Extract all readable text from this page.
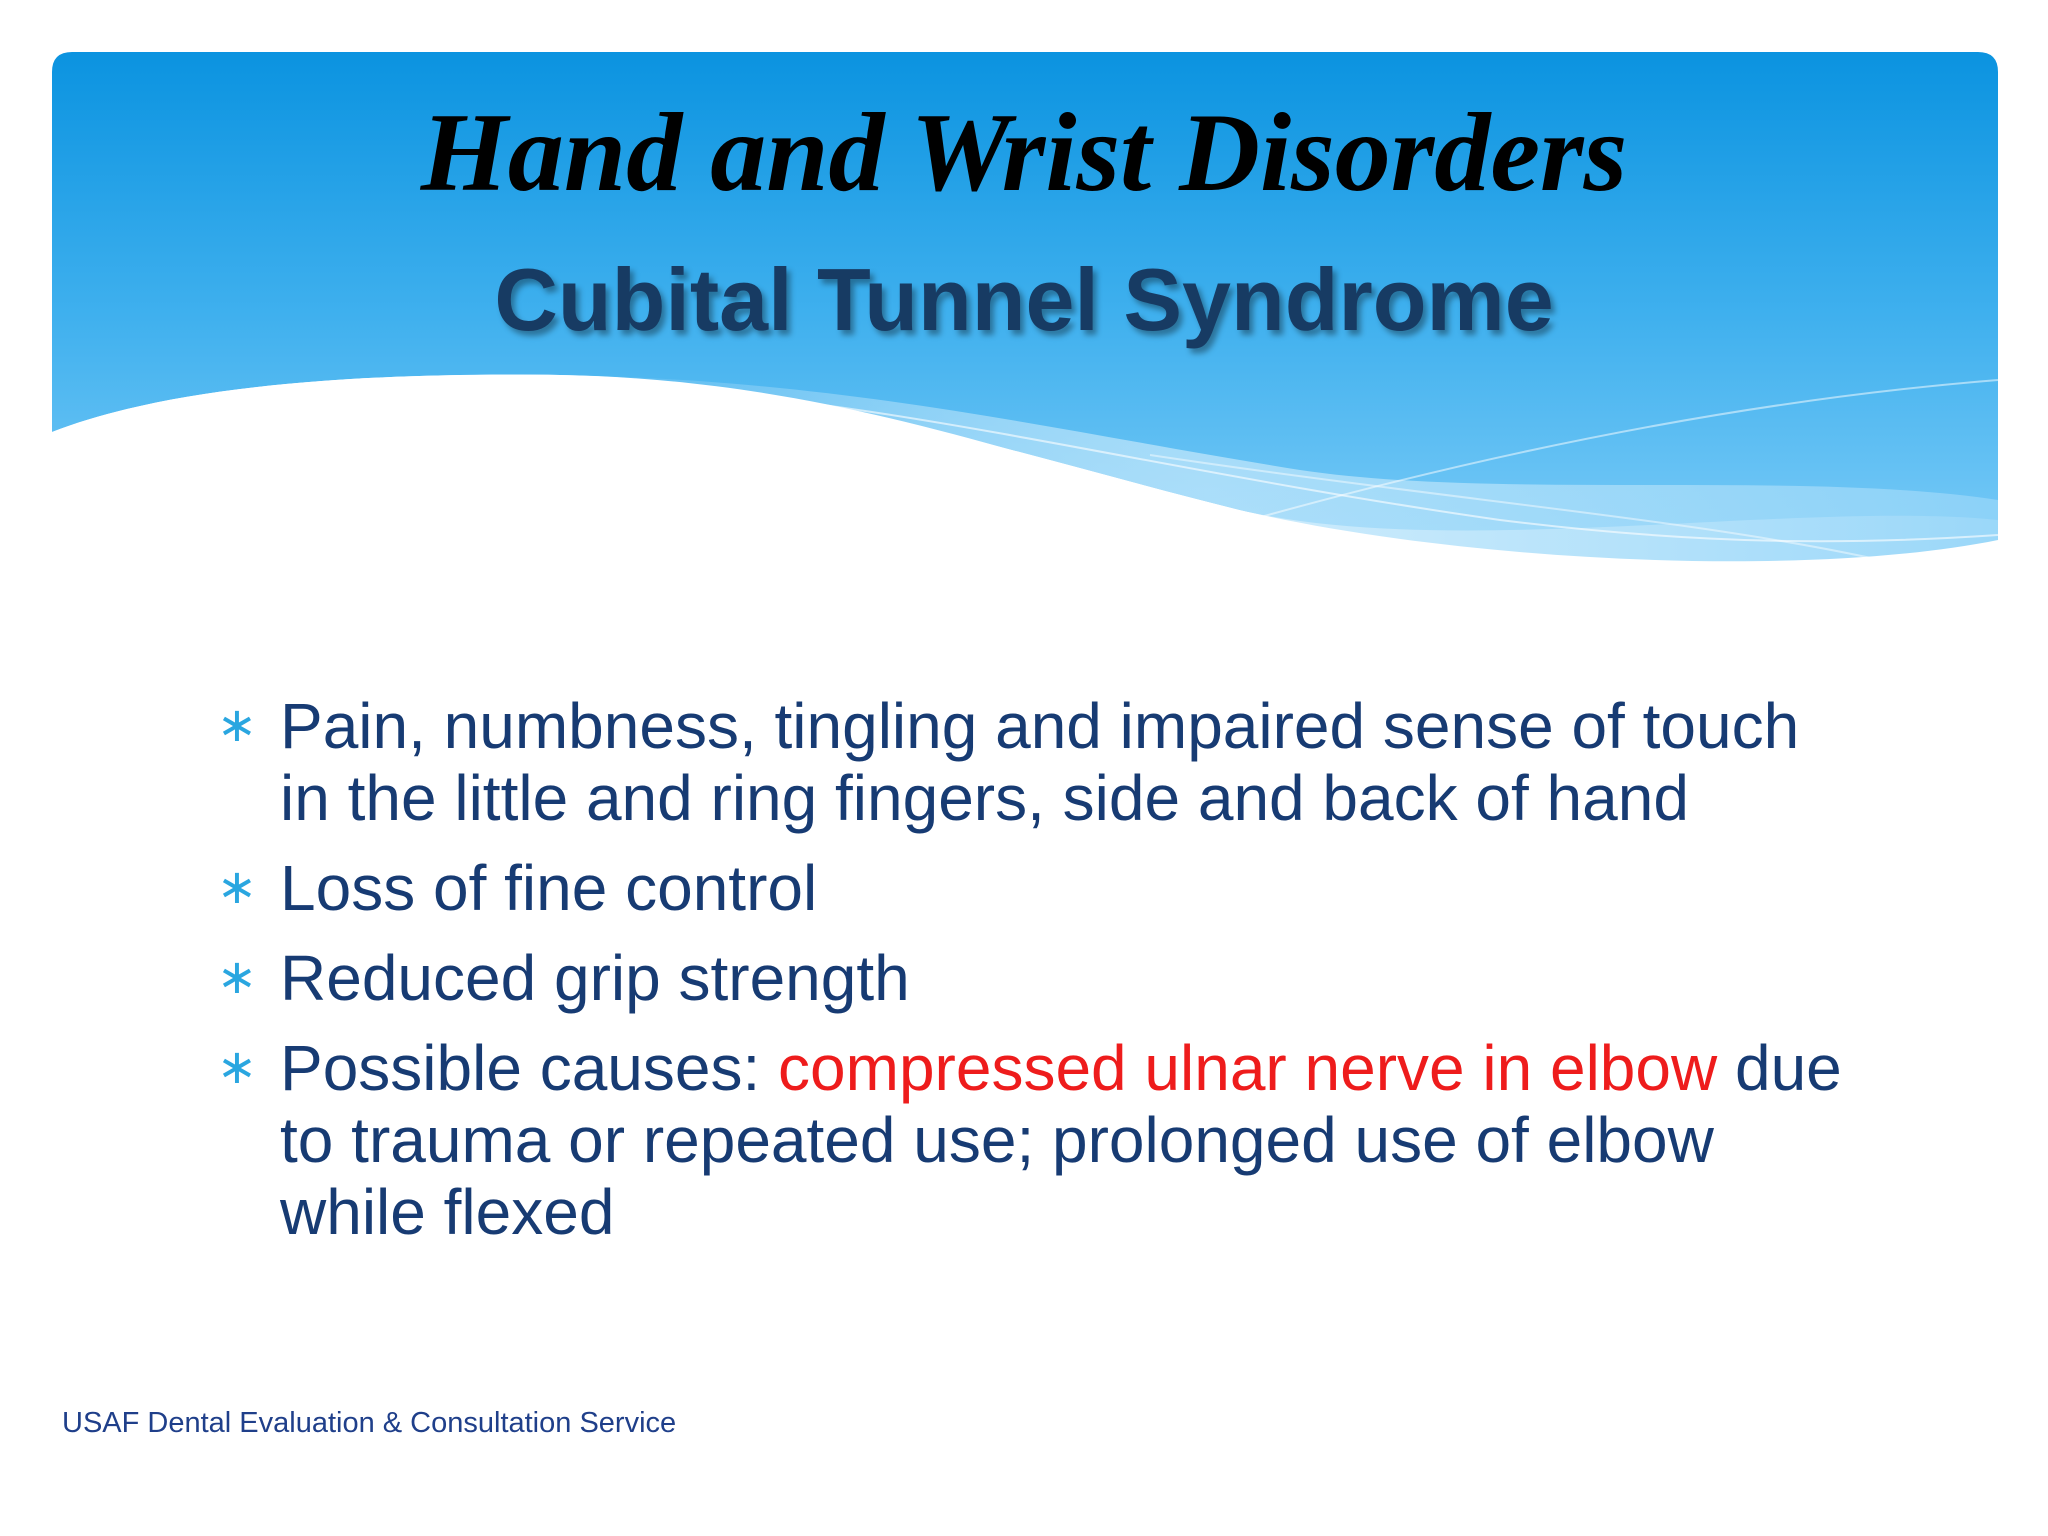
Hand and Wrist Disorders
Cubital Tunnel Syndrome
∗ Pain, numbness, tingling and impaired sense of touch in the little and ring fingers, side and back of hand
∗ Loss of fine control
∗ Reduced grip strength
∗ Possible causes: compressed ulnar nerve in elbow due to trauma or repeated use; prolonged use of elbow while flexed
USAF Dental Evaluation & Consultation Service
